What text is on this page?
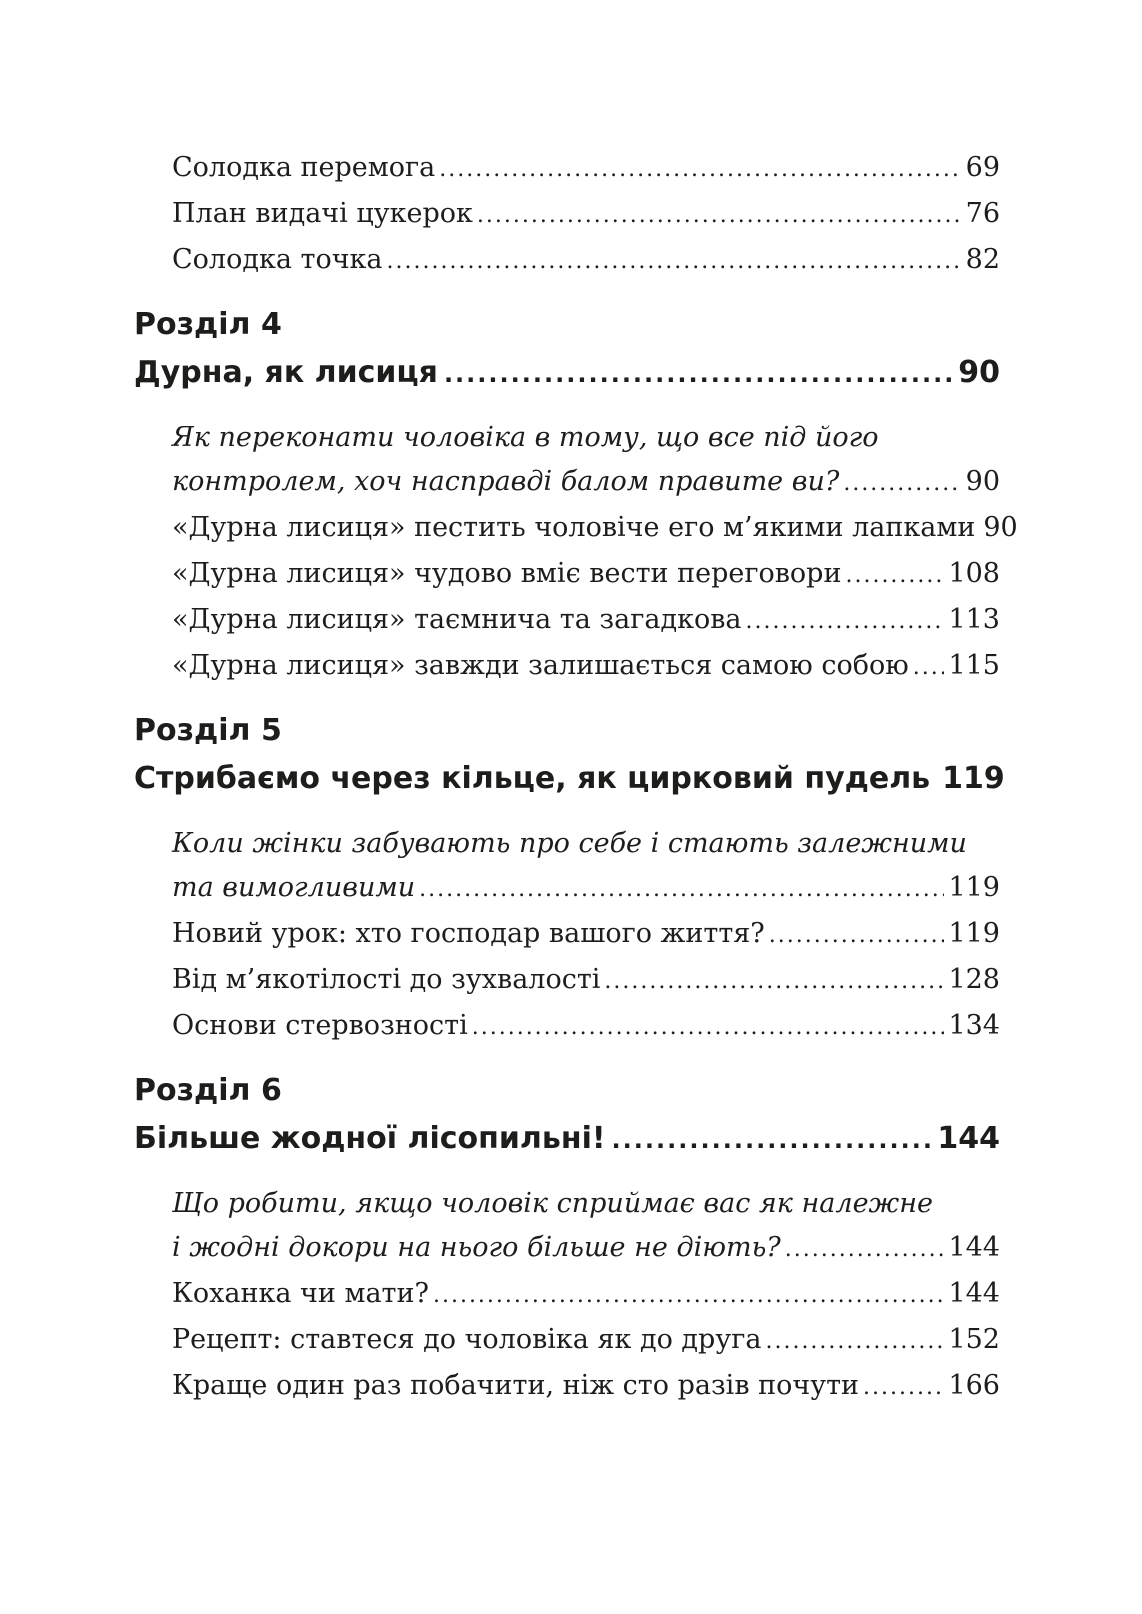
Солодка перемога .....	69
План видачі цукерок .....	76
Солодка точка .....	82
Розділ 4
Дурна, як лисиця .....	90
Як переконати чоловіка в тому, що все під його
контролем, хоч насправді балом правите ви? .....	90
«Дурна лисиця» пестить чоловіче его м’якими лапками 90
«Дурна лисиця» чудово вміє вести переговори .....	108
«Дурна лисиця» таємнича та загадкова .....	113
«Дурна лисиця» завжди залишається самою собою ..... 115
Розділ 5
Стрибаємо через кільце, як цирковий пудель 119
Коли жінки забувають про себе і стають залежними
та вимогливими .....	119
Новий урок: хто господар вашого життя? .....	119
Від м’якотілості до зухвалості .....	128
Основи стервозності .....	134
Розділ 6
Більше жодної лісопильні! .....	144
Що робити, якщо чоловік сприймає вас як належне
і жодні докори на нього більше не діють? .....	144
Коханка чи мати? .....	144
Рецепт: ставтеся до чоловіка як до друга .....	152
Краще один раз побачити, ніж сто разів почути .....	166
